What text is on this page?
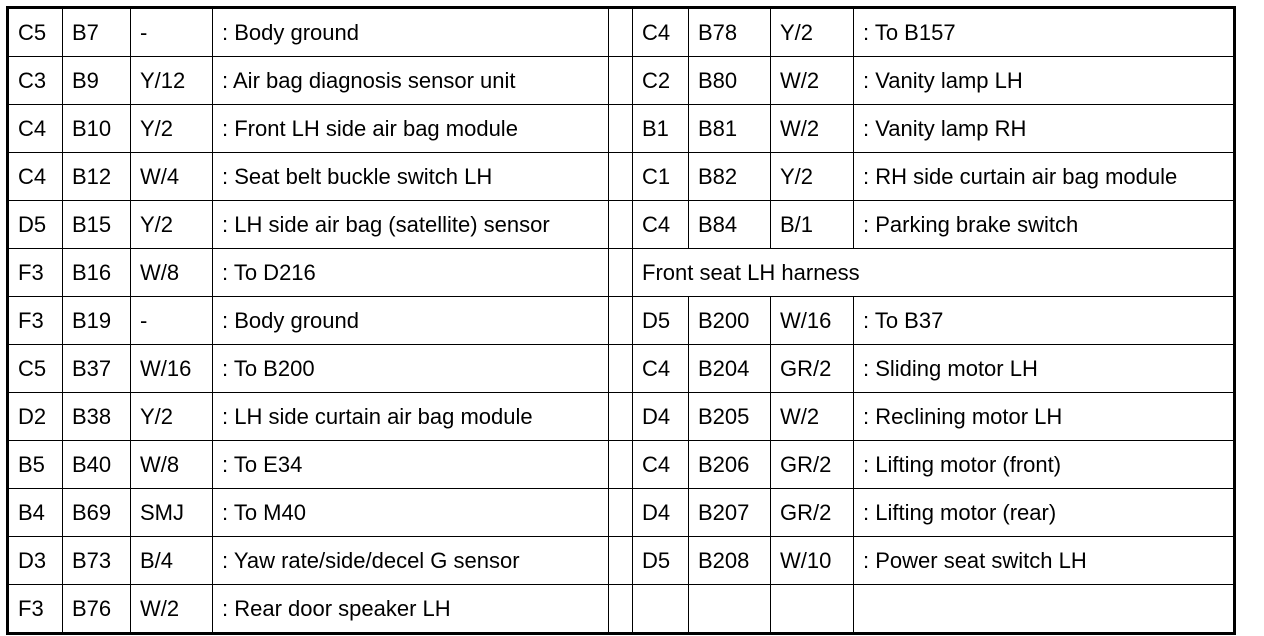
C5	B7	-	: Body ground		C4	B78	Y/2	: To B157
C3	B9	Y/12	: Air bag diagnosis sensor unit		C2	B80	W/2	: Vanity lamp LH
C4	B10	Y/2	: Front LH side air bag module		B1	B81	W/2	: Vanity lamp RH
C4	B12	W/4	: Seat belt buckle switch LH		C1	B82	Y/2	: RH side curtain air bag module
D5	B15	Y/2	: LH side air bag (satellite) sensor		C4	B84	B/1	: Parking brake switch
F3	B16	W/8	: To D216		Front seat LH harness			
F3	B19	-	: Body ground		D5	B200	W/16	: To B37
C5	B37	W/16	: To B200		C4	B204	GR/2	: Sliding motor LH
D2	B38	Y/2	: LH side curtain air bag module		D4	B205	W/2	: Reclining motor LH
B5	B40	W/8	: To E34		C4	B206	GR/2	: Lifting motor (front)
B4	B69	SMJ	: To M40		D4	B207	GR/2	: Lifting motor (rear)
D3	B73	B/4	: Yaw rate/side/decel G sensor		D5	B208	W/10	: Power seat switch LH
F3	B76	W/2	: Rear door speaker LH					
